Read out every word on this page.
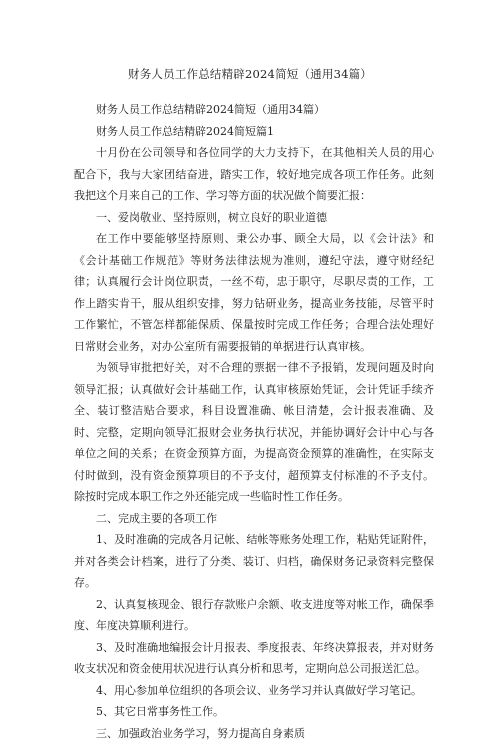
财务人员工作总结精辟2024简短（通用34篇）

财务人员工作总结精辟2024简短（通用34篇）

财务人员工作总结精辟2024简短篇1

十月份在公司领导和各位同学的大力支持下，在其他相关人员的用心配合下，我与大家团结奋进，踏实工作，较好地完成各项工作任务。此刻我把这个月来自己的工作、学习等方面的状况做个简要汇报：

一、爱岗敬业、坚持原则，树立良好的职业道德

在工作中要能够坚持原则、秉公办事、顾全大局，以《会计法》和《会计基础工作规范》等财务法律法规为准则，遵纪守法，遵守财经纪律；认真履行会计岗位职责，一丝不苟，忠于职守，尽职尽责的工作，工作上踏实肯干，服从组织安排，努力钻研业务，提高业务技能，尽管平时工作繁忙，不管怎样都能保质、保量按时完成工作任务；合理合法处理好日常财会业务，对办公室所有需要报销的单据进行认真审核。

为领导审批把好关，对不合理的票据一律不予报销，发现问题及时向领导汇报；认真做好会计基础工作，认真审核原始凭证，会计凭证手续齐全、装订整洁贴合要求，科目设置准确、帐目清楚，会计报表准确、及时、完整，定期向领导汇报财会业务执行状况，并能协调好会计中心与各单位之间的关系；在资金预算方面，为提高资金预算的准确性，在实际支付时做到，没有资金预算项目的不予支付，超预算支付标准的不予支付。除按时完成本职工作之外还能完成一些临时性工作任务。

二、完成主要的各项工作

1、及时准确的完成各月记帐、结帐等账务处理工作，粘贴凭证附件，并对各类会计档案，进行了分类、装订、归档，确保财务记录资料完整保存。

2、认真复核现金、银行存款账户余额、收支进度等对帐工作，确保季度、年度决算顺利进行。

3、及时准确地编报会计月报表、季度报表、年终决算报表，并对财务收支状况和资金使用状况进行认真分析和思考，定期向总公司报送汇总。

4、用心参加单位组织的各项会议、业务学习并认真做好学习笔记。

5、其它日常事务性工作。

三、加强政治业务学习，努力提高自身素质
